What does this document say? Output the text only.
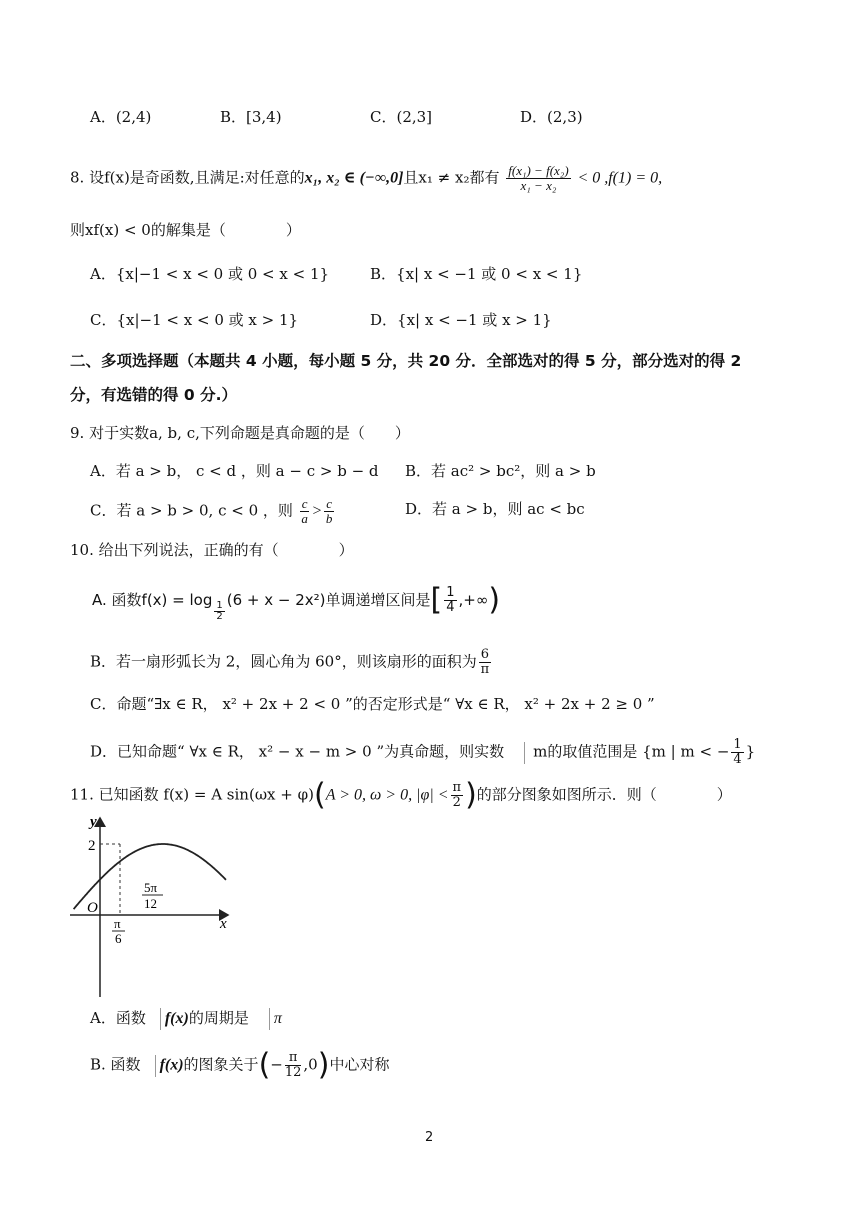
A．(2,4)	B．[3,4)	C．(2,3]	D．(2,3)
8. 设f(x)是奇函数,且满足:对任意的x₁, x₂ ∈ (−∞,0]且x₁ ≠ x₂都有 $\frac{\text{f(x₁) − f(x₂)}}{\text{x₁ − x₂}} < 0$ ,f(1) = 0,
则xf(x) < 0的解集是（　　　　）
A．{x|−1 < x < 0 或 0 < x < 1}	B．{x| x < −1 或 0 < x < 1}
C．{x|−1 < x < 0 或 x > 1}	D．{x| x < −1 或 x > 1}
二、多项选择题（本题共 4 小题，每小题 5 分，共 20 分．全部选对的得 5 分，部分选对的得 2
分，有选错的得 0 分.）
9. 对于实数a, b, c,下列命题是真命题的是（　　）
A．若 a > b， c < d ，则 a − c > b − d B．若 ac² > bc²，则 a > b
C．若 a > b > 0, c < 0 ，则 $\frac{c}{a} > \frac{c}{b}$	D．若 a > b，则 ac < bc
10. 给出下列说法，正确的有（　　　　）
A. 函数f(x) = log
$\frac{1}{2}$
(6 + x − 2x²)单调递增区间是[ $\frac{1}{4}$ ,+∞)
B．若一扇形弧长为 2，圆心角为 60°，则该扇形的面积为 $\frac{6}{\pi}$
C．命题“∃x ∈ R， x² + 2x + 2 < 0 ”的否定形式是“ ∀x ∈ R， x² + 2x + 2 ≥ 0 ”
D．已知命题“ ∀x ∈ R， x² − x − m > 0 ”为真命题，则实数 m的取值范围是 {m | m < − $\frac{1}{4}$ }
11. 已知函数 f(x) = A sin(ωx + φ)(A > 0, ω > 0, $|\varphi| < \frac{\pi}{2}$ )的部分图象如图所示．则（　　　　）
y
x
O
2
π
6
5π
12
A．函数 f(x)的周期是 π
B. 函数 f(x)的图象关于(− $\frac{\pi}{12} ,0$)中心对称
2
